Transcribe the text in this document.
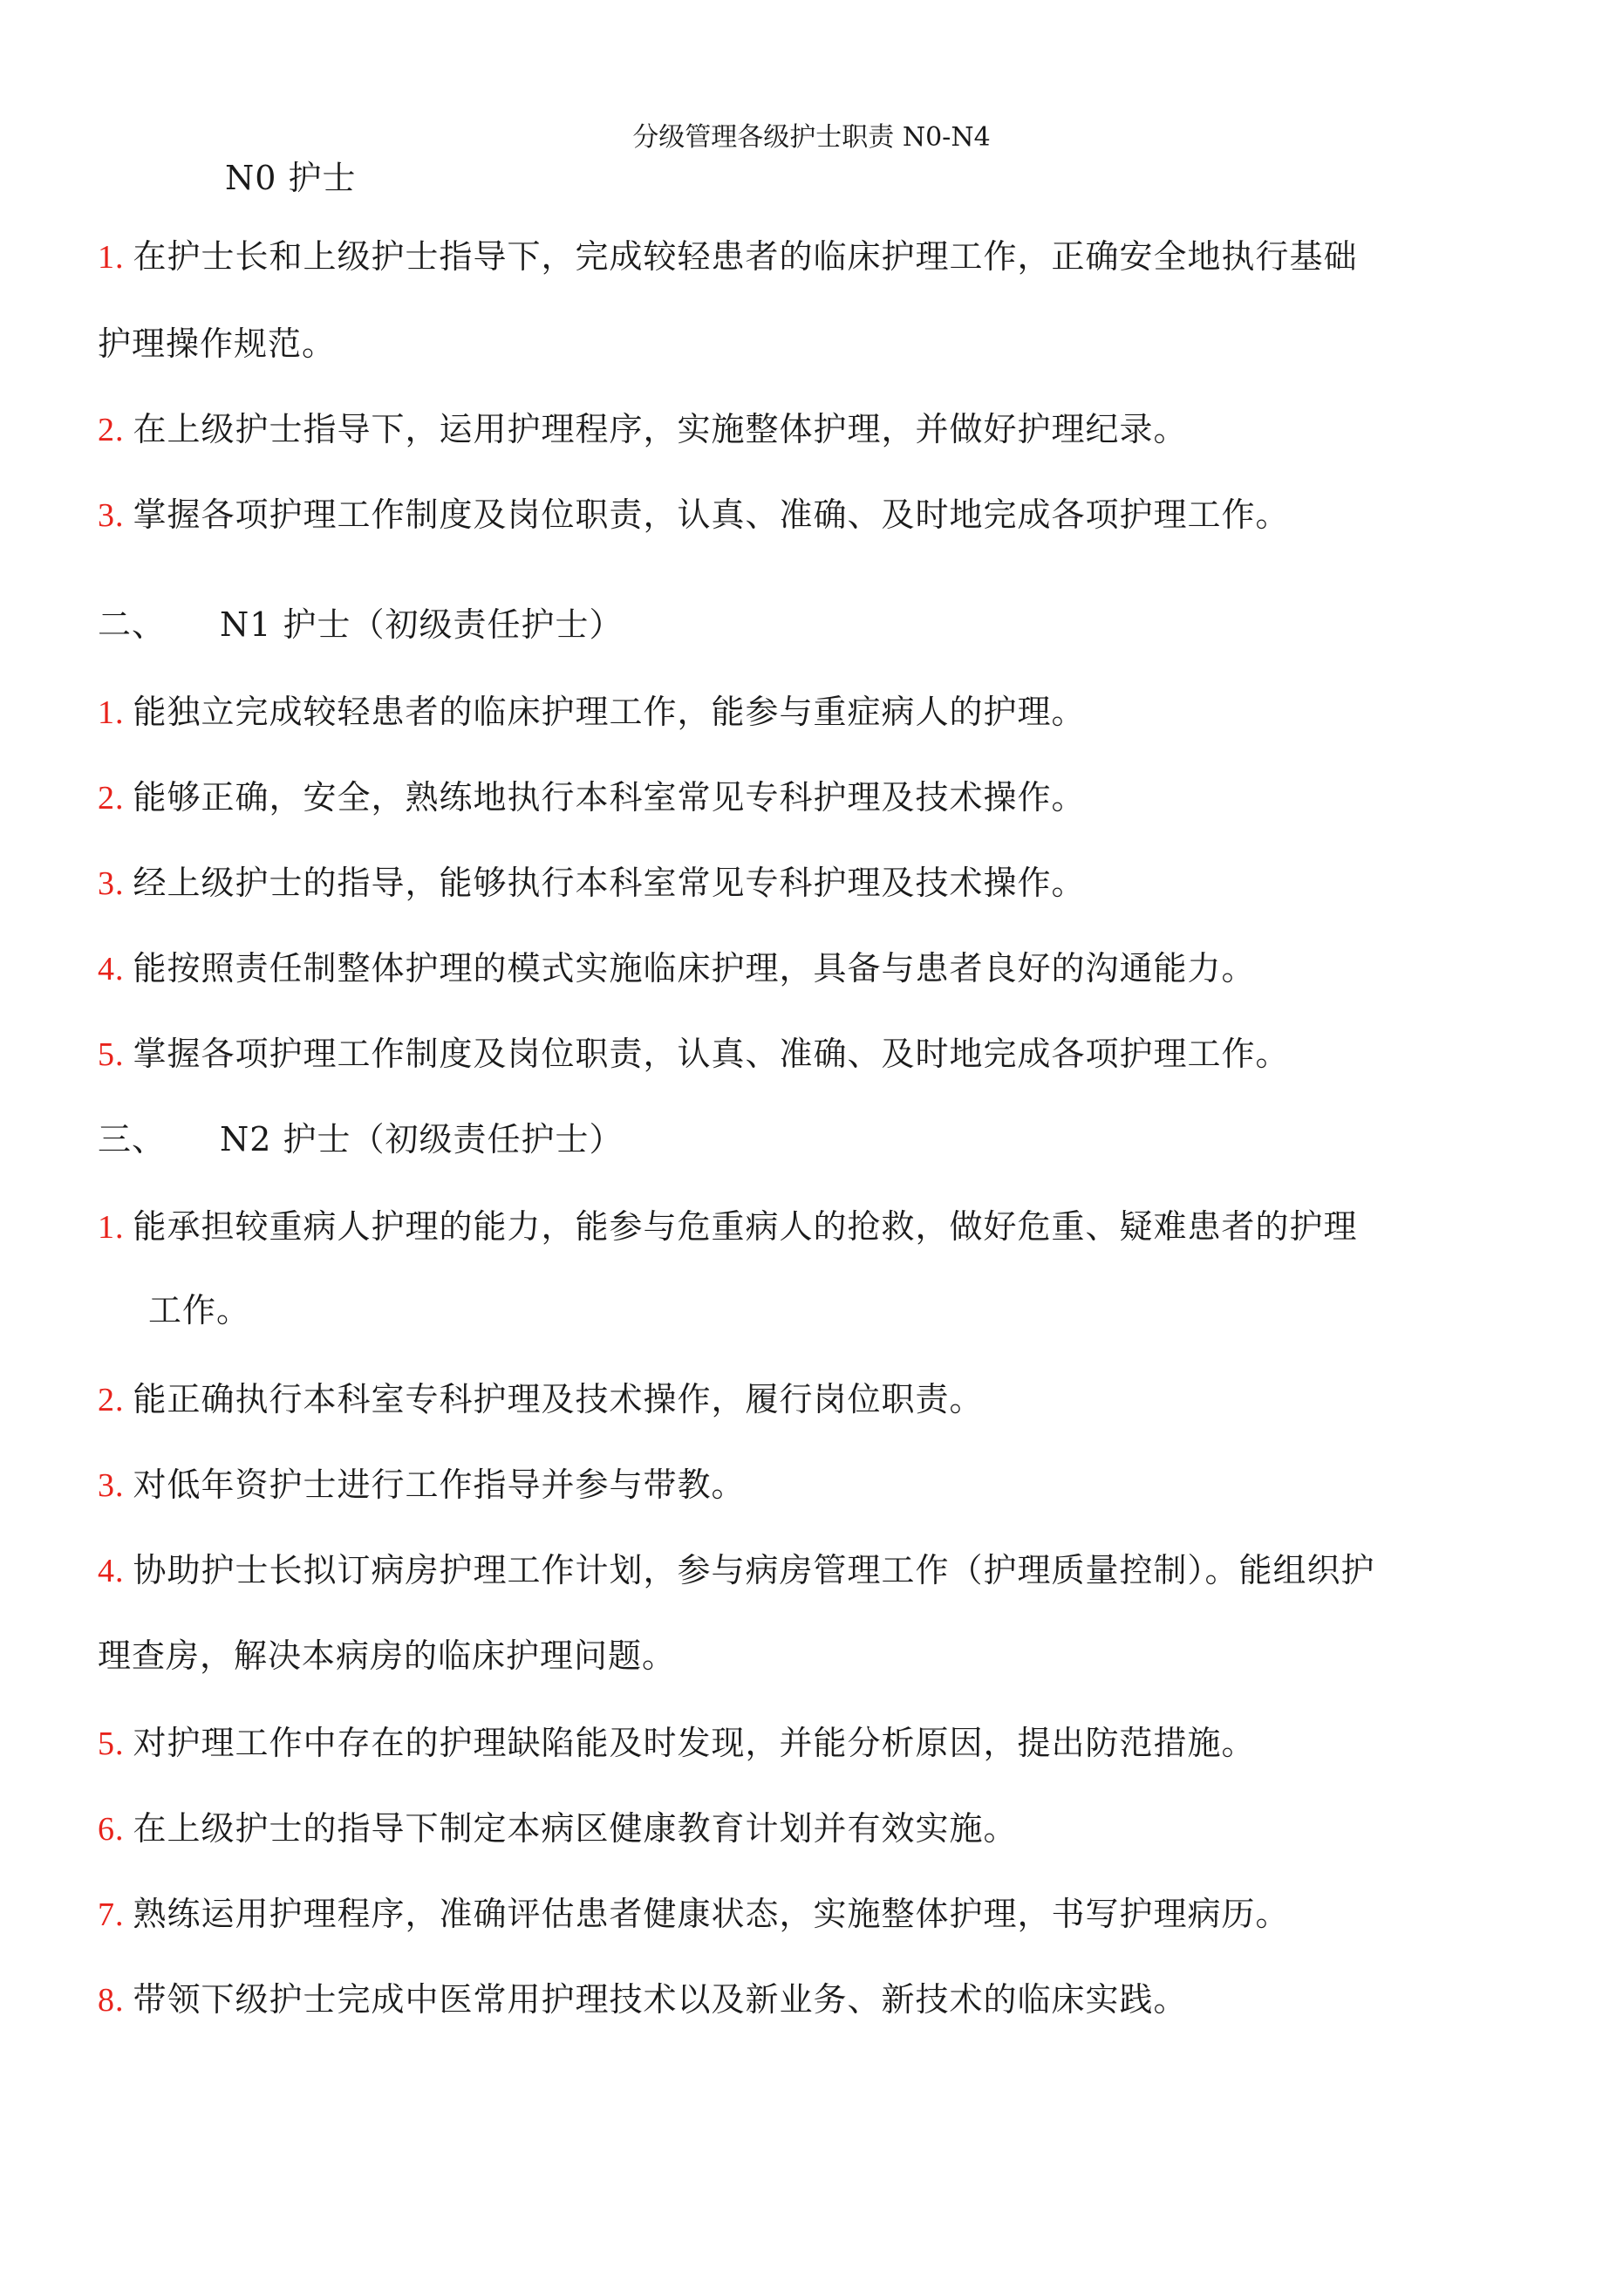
分级管理各级护士职责 N0-N4
N0 护士
1. 在护士长和上级护士指导下，完成较轻患者的临床护理工作，正确安全地执行基础
护理操作规范。
2. 在上级护士指导下，运用护理程序，实施整体护理，并做好护理纪录。
3. 掌握各项护理工作制度及岗位职责，认真、准确、及时地完成各项护理工作。
二、 N1 护士（初级责任护士）
1. 能独立完成较轻患者的临床护理工作，能参与重症病人的护理。
2. 能够正确，安全，熟练地执行本科室常见专科护理及技术操作。
3. 经上级护士的指导，能够执行本科室常见专科护理及技术操作。
4. 能按照责任制整体护理的模式实施临床护理，具备与患者良好的沟通能力。
5. 掌握各项护理工作制度及岗位职责，认真、准确、及时地完成各项护理工作。
三、 N2 护士（初级责任护士）
1. 能承担较重病人护理的能力，能参与危重病人的抢救，做好危重、疑难患者的护理
工作。
2. 能正确执行本科室专科护理及技术操作，履行岗位职责。
3. 对低年资护士进行工作指导并参与带教。
4. 协助护士长拟订病房护理工作计划，参与病房管理工作（护理质量控制）。能组织护
理查房，解决本病房的临床护理问题。
5. 对护理工作中存在的护理缺陷能及时发现，并能分析原因，提出防范措施。
6. 在上级护士的指导下制定本病区健康教育计划并有效实施。
7. 熟练运用护理程序，准确评估患者健康状态，实施整体护理，书写护理病历。
8. 带领下级护士完成中医常用护理技术以及新业务、新技术的临床实践。
